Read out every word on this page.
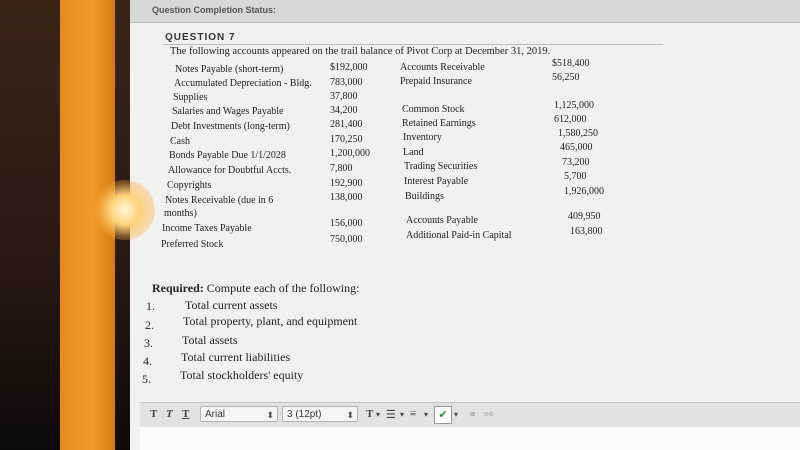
Question Completion Status:
QUESTION 7
The following accounts appeared on the trail balance of Pivot Corp at December 31, 2019.
Notes Payable (short-term)	$192,000
Accumulated Depreciation - Bldg. 783,000
Supplies	37,800
Salaries and Wages Payable	34,200
Debt Investments (long-term)	281,400
Cash	170,250
Bonds Payable Due 1/1/2028	1,200,000
Allowance for Doubtful Accts.	7,800
Copyrights	192,900
Notes Receivable (due in 6	138,000
months)
Income Taxes Payable	156,000
Preferred Stock	750,000
Accounts Receivable	$518,400
Prepaid Insurance	56,250
Common Stock	1,125,000
Retained Earnings	612,000
Inventory	1,580,250
Land	465,000
Trading Securities	73,200
Interest Payable	5,700
Buildings	1,926,000
Accounts Payable	409,950
Additional Paid-in Capital	163,800
Required: Compute each of the following:
1.	Total current assets
2. Total property, plant, and equipment
3. Total assets
4. Total current liabilities
5. Total stockholders' equity
T T T	Arial	⬍	3 (12pt)	⬍ T ▾ ☰ ▾ ≡ ▾ ✔ ▾ ⚭ ⚯
